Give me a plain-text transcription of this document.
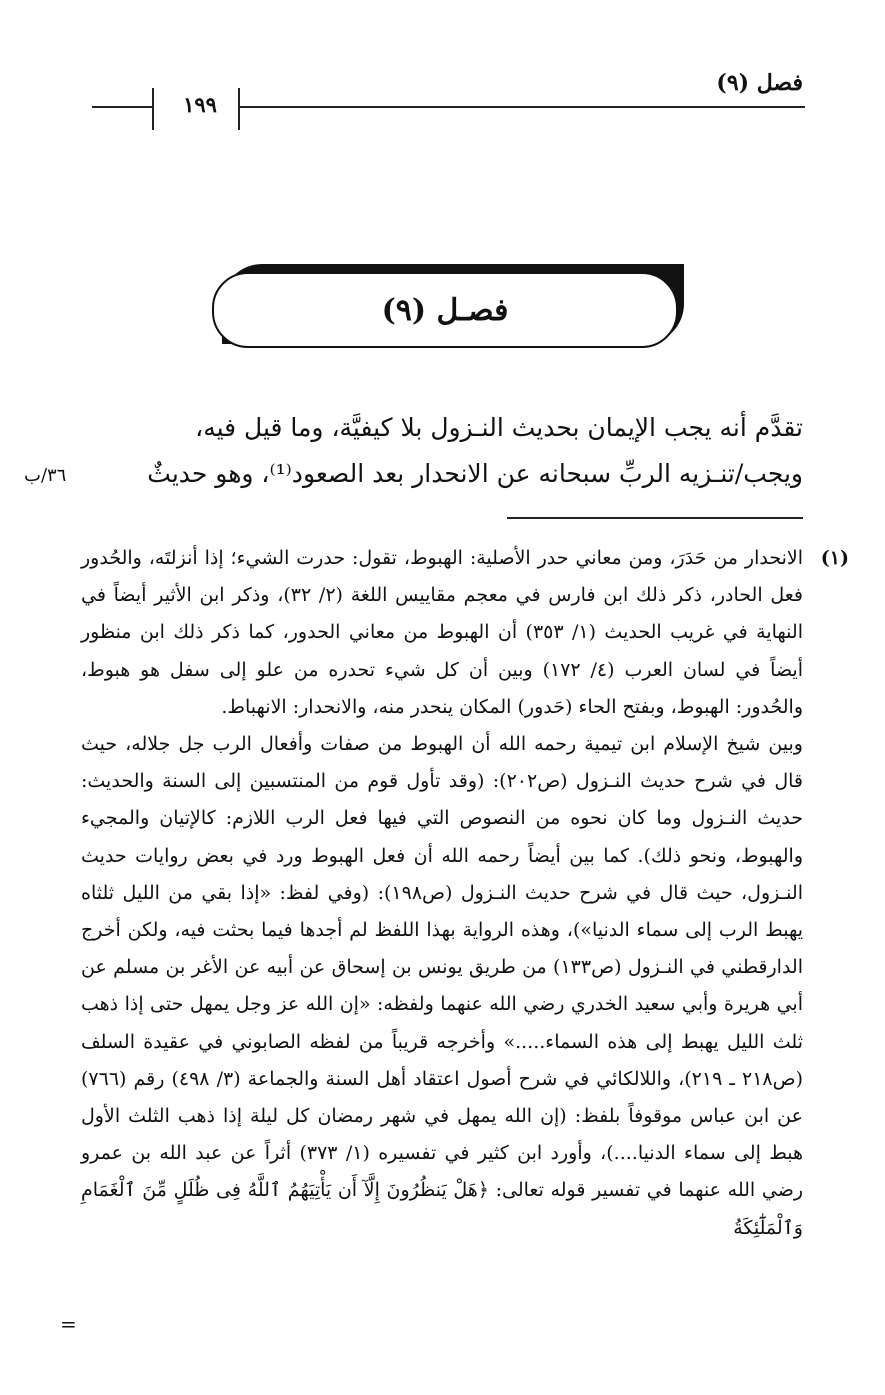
فصل (٩)
١٩٩
فصـل (٩)

تقدَّم أنه يجب الإيمان بحديث النـزول بلا كيفيَّة، وما قيل فيه،

ويجب/تنـزيه الربِّ سبحانه عن الانحدار بعد الصعود⁽¹⁾، وهو حديثٌ

٣٦/ب
(١)

الانحدار من حَدَرَ، ومن معاني حدر الأصلية: الهبوط، تقول: حدرت الشيء؛ إذا أنزلتَه، والحُدور فعل الحادر، ذكر ذلك ابن فارس في معجم مقاييس اللغة (٢/ ٣٢)، وذكر ابن الأثير أيضاً في النهاية في غريب الحديث (١/ ٣٥٣) أن الهبوط من معاني الحدور، كما ذكر ذلك ابن منظور أيضاً في لسان العرب (٤/ ١٧٢) وبين أن كل شيء تحدره من علو إلى سفل هو هبوط، والحُدور: الهبوط، وبفتح الحاء (حَدور) المكان ينحدر منه، والانحدار: الانهباط.

وبين شيخ الإسلام ابن تيمية رحمه الله أن الهبوط من صفات وأفعال الرب جل جلاله، حيث قال في شرح حديث النـزول (ص٢٠٢): (وقد تأول قوم من المنتسبين إلى السنة والحديث: حديث النـزول وما كان نحوه من النصوص التي فيها فعل الرب اللازم: كالإتيان والمجيء والهبوط، ونحو ذلك). كما بين أيضاً رحمه الله أن فعل الهبوط ورد في بعض روايات حديث النـزول، حيث قال في شرح حديث النـزول (ص١٩٨): (وفي لفظ: «إذا بقي من الليل ثلثاه يهبط الرب إلى سماء الدنيا»)، وهذه الرواية بهذا اللفظ لم أجدها فيما بحثت فيه، ولكن أخرج الدارقطني في النـزول (ص١٣٣) من طريق يونس بن إسحاق عن أبيه عن الأغر بن مسلم عن أبي هريرة وأبي سعيد الخدري رضي الله عنهما ولفظه: «إن الله عز وجل يمهل حتى إذا ذهب ثلث الليل يهبط إلى هذه السماء.....» وأخرجه قريباً من لفظه الصابوني في عقيدة السلف (ص٢١٨ ـ ٢١٩)، واللالكائي في شرح أصول اعتقاد أهل السنة والجماعة (٣/ ٤٩٨) رقم (٧٦٦) عن ابن عباس موقوفاً بلفظ: (إن الله يمهل في شهر رمضان كل ليلة إذا ذهب الثلث الأول هبط إلى سماء الدنيا....)، وأورد ابن كثير في تفسيره (١/ ٣٧٣) أثراً عن عبد الله بن عمرو رضي الله عنهما في تفسير قوله تعالى: ﴿هَلْ يَنظُرُونَ إِلَّآ أَن يَأْتِيَهُمُ ٱللَّهُ فِى ظُلَلٍ مِّنَ ٱلْغَمَامِ وَٱلْمَلَٰٓئِكَةُ

=
